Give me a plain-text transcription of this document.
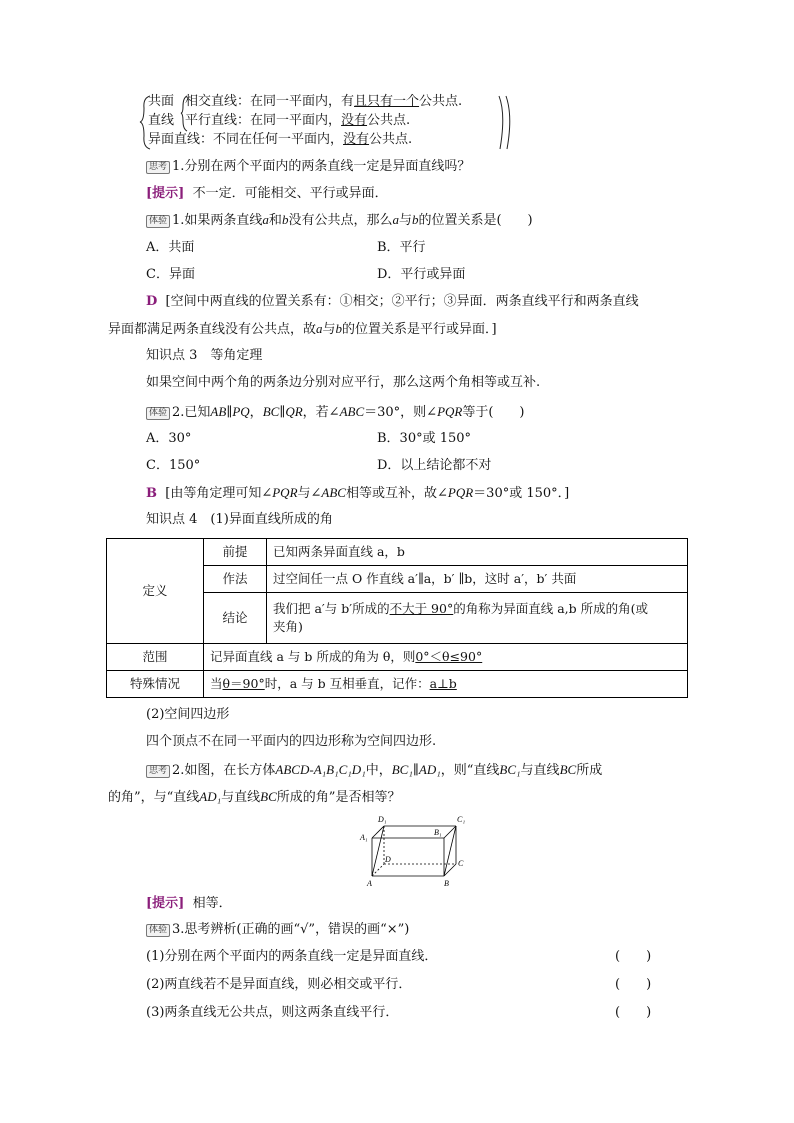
共面 相交直线：在同一平面内，有且只有一个公共点.
直线 平行直线：在同一平面内，没有公共点.
异面直线：不同在任何一平面内，没有公共点.
思考 1.分别在两个平面内的两条直线一定是异面直线吗？
[提示] 不一定．可能相交、平行或异面．
体验 1.如果两条直线a和b没有公共点，那么a与b的位置关系是(　　)
A．共面	B．平行
C．异面	D．平行或异面
D [空间中两直线的位置关系有：①相交；②平行；③异面．两条直线平行和两条直线
异面都满足两条直线没有公共点，故a与b的位置关系是平行或异面．]
知识点 3　等角定理
如果空间中两个角的两条边分别对应平行，那么这两个角相等或互补.
体验 2.已知AB∥PQ，BC∥QR，若∠ABC＝30°，则∠PQR等于(　　)
A．30°	B．30°或 150°
C．150°	D．以上结论都不对
B [由等角定理可知∠PQR与∠ABC相等或互补，故∠PQR＝30°或 150°．]
知识点 4　(1)异面直线所成的角
定义	前提	已知两条异面直线 a，b
	作法	过空间任一点 O 作直线 a′∥a，b′ ∥b，这时 a′，b′ 共面
	结论	我们把 a′与 b′所成的不大于 90°的角称为异面直线 a,b 所成的角(或
夹角)
范围	记异面直线 a 与 b 所成的角为 θ，则0°＜θ≤90°	
特殊情况	当θ＝90°时，a 与 b 互相垂直，记作：a⊥b	
(2)空间四边形
四个顶点不在同一平面内的四边形称为空间四边形.
思考 2.如图，在长方体ABCD-A₁B₁C₁D₁中，BC₁∥AD₁，则“直线BC₁与直线BC所成
的角”，与“直线AD₁与直线BC所成的角”是否相等？
D₁	C₁
A₁
B₁
D	C
A	B
[提示] 相等．
体验 3.思考辨析(正确的画“√”，错误的画“×”)
(1)分别在两个平面内的两条直线一定是异面直线．	(　　)
(2)两直线若不是异面直线，则必相交或平行．	(　　)
(3)两条直线无公共点，则这两条直线平行．	(　　)
